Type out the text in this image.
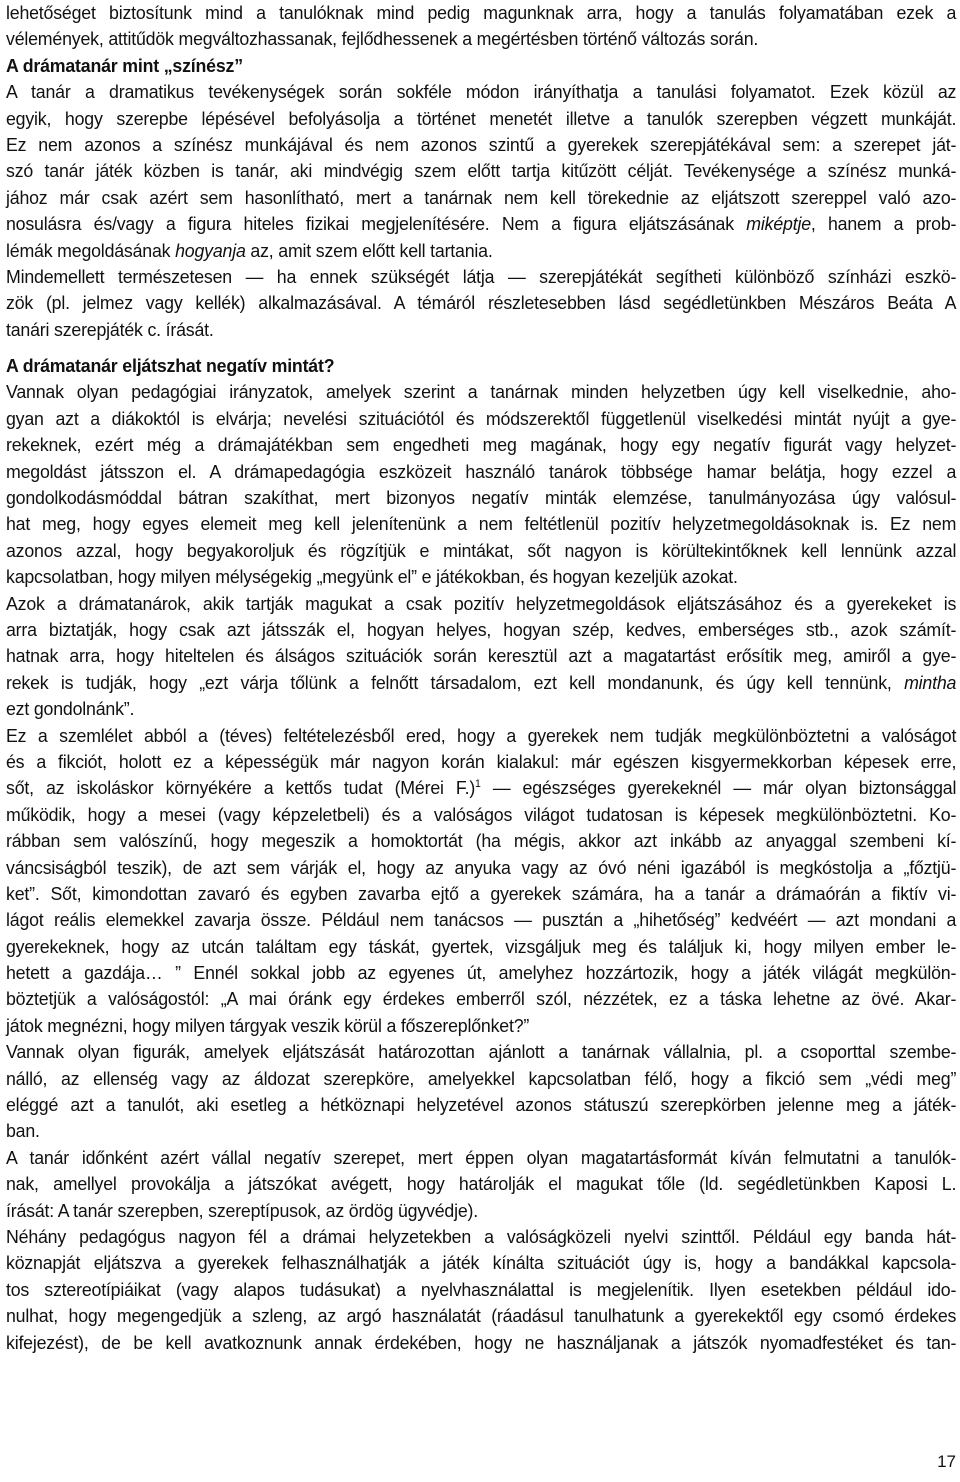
lehetőséget biztosítunk mind a tanulóknak mind pedig magunknak arra, hogy a tanulás folyamatában ezek a
vélemények, attitűdök megváltozhassanak, fejlődhessenek a megértésben történő változás során.
A drámatanár mint „színész”
A tanár a dramatikus tevékenységek során sokféle módon irányíthatja a tanulási folyamatot. Ezek közül az
egyik, hogy szerepbe lépésével befolyásolja a történet menetét illetve a tanulók szerepben végzett munkáját.
Ez nem azonos a színész munkájával és nem azonos szintű a gyerekek szerepjátékával sem: a szerepet ját-
szó tanár játék közben is tanár, aki mindvégig szem előtt tartja kitűzött célját. Tevékenysége a színész munká-
jához már csak azért sem hasonlítható, mert a tanárnak nem kell törekednie az eljátszott szereppel való azo-
nosulásra és/vagy a figura hiteles fizikai megjelenítésére. Nem a figura eljátszásának miképtje, hanem a prob-
lémák megoldásának hogyanja az, amit szem előtt kell tartania.
Mindemellett természetesen — ha ennek szükségét látja — szerepjátékát segítheti különböző színházi eszkö-
zök (pl. jelmez vagy kellék) alkalmazásával. A témáról részletesebben lásd segédletünkben Mészáros Beáta A
tanári szerepjáték c. írását.
A drámatanár eljátszhat negatív mintát?
Vannak olyan pedagógiai irányzatok, amelyek szerint a tanárnak minden helyzetben úgy kell viselkednie, aho-
gyan azt a diákoktól is elvárja; nevelési szituációtól és módszerektől függetlenül viselkedési mintát nyújt a gye-
rekeknek, ezért még a drámajátékban sem engedheti meg magának, hogy egy negatív figurát vagy helyzet-
megoldást játsszon el. A drámapedagógia eszközeit használó tanárok többsége hamar belátja, hogy ezzel a
gondolkodásmóddal bátran szakíthat, mert bizonyos negatív minták elemzése, tanulmányozása úgy valósul-
hat meg, hogy egyes elemeit meg kell jelenítenünk a nem feltétlenül pozitív helyzetmegoldásoknak is. Ez nem
azonos azzal, hogy begyakoroljuk és rögzítjük e mintákat, sőt nagyon is körültekintőknek kell lennünk azzal
kapcsolatban, hogy milyen mélységekig „megyünk el” e játékokban, és hogyan kezeljük azokat.
Azok a drámatanárok, akik tartják magukat a csak pozitív helyzetmegoldások eljátszásához és a gyerekeket is
arra biztatják, hogy csak azt játsszák el, hogyan helyes, hogyan szép, kedves, emberséges stb., azok számít-
hatnak arra, hogy hiteltelen és álságos szituációk során keresztül azt a magatartást erősítik meg, amiről a gye-
rekek is tudják, hogy „ezt várja tőlünk a felnőtt társadalom, ezt kell mondanunk, és úgy kell tennünk, mintha
ezt gondolnánk”.
Ez a szemlélet abból a (téves) feltételezésből ered, hogy a gyerekek nem tudják megkülönböztetni a valóságot
és a fikciót, holott ez a képességük már nagyon korán kialakul: már egészen kisgyermekkorban képesek erre,
sőt, az iskoláskor környékére a kettős tudat (Mérei F.)$^1$ — egészséges gyerekeknél — már olyan biztonsággal
működik, hogy a mesei (vagy képzeletbeli) és a valóságos világot tudatosan is képesek megkülönböztetni. Ko-
rábban sem valószínű, hogy megeszik a homoktortát (ha mégis, akkor azt inkább az anyaggal szembeni kí-
váncsiságból teszik), de azt sem várják el, hogy az anyuka vagy az óvó néni igazából is megkóstolja a „főztjü-
ket”. Sőt, kimondottan zavaró és egyben zavarba ejtő a gyerekek számára, ha a tanár a drámaórán a fiktív vi-
lágot reális elemekkel zavarja össze. Például nem tanácsos — pusztán a „hihetőség” kedvéért — azt mondani a
gyerekeknek, hogy az utcán találtam egy táskát, gyertek, vizsgáljuk meg és találjuk ki, hogy milyen ember le-
hetett a gazdája… ” Ennél sokkal jobb az egyenes út, amelyhez hozzártozik, hogy a játék világát megkülön-
böztetjük a valóságostól: „A mai óránk egy érdekes emberről szól, nézzétek, ez a táska lehetne az övé. Akar-
játok megnézni, hogy milyen tárgyak veszik körül a főszereplőnket?”
Vannak olyan figurák, amelyek eljátszását határozottan ajánlott a tanárnak vállalnia, pl. a csoporttal szembe-
nálló, az ellenség vagy az áldozat szerepköre, amelyekkel kapcsolatban félő, hogy a fikció sem „védi meg”
eléggé azt a tanulót, aki esetleg a hétköznapi helyzetével azonos státuszú szerepkörben jelenne meg a játék-
ban.
A tanár időnként azért vállal negatív szerepet, mert éppen olyan magatartásformát kíván felmutatni a tanulók-
nak, amellyel provokálja a játszókat avégett, hogy határolják el magukat tőle (ld. segédletünkben Kaposi L.
írását: A tanár szerepben, szereptípusok, az ördög ügyvédje).
Néhány pedagógus nagyon fél a drámai helyzetekben a valóságközeli nyelvi szinttől. Például egy banda hát-
köznapját eljátszva a gyerekek felhasználhatják a játék kínálta szituációt úgy is, hogy a bandákkal kapcsola-
tos sztereotípiáikat (vagy alapos tudásukat) a nyelvhasználattal is megjelenítik. Ilyen esetekben például ido-
nulhat, hogy megengedjük a szleng, az argó használatát (ráadásul tanulhatunk a gyerekektől egy csomó érdekes
kifejezést), de be kell avatkoznunk annak érdekében, hogy ne használjanak a játszók nyomadfestéket és tan-
17
